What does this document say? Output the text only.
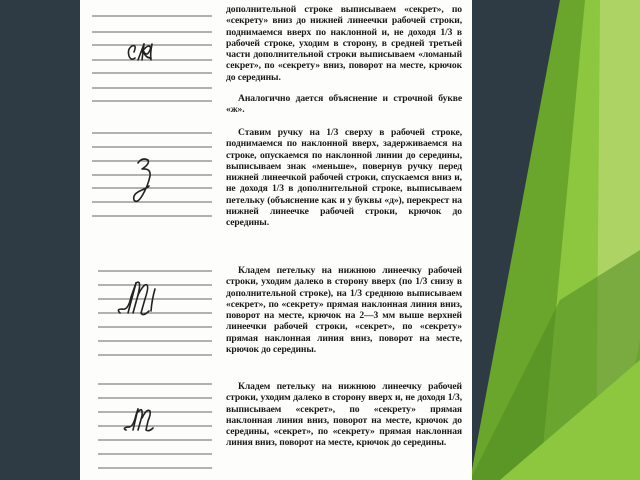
дополнительной строке выписываем «секрет», по «секрету» вниз до нижней линеечки рабочей строки, поднимаемся вверх по наклонной и, не доходя 1/3 в рабочей строке, уходим в сторону, в средней третьей части дополнительной строки выписываем «ломаный секрет», по «секрету» вниз, поворот на месте, крючок до середины.
Аналогично дается объяснение и строчной букве «ж».
Ставим ручку на 1/3 сверху в рабочей строке, поднимаемся по наклонной вверх, задерживаемся на строке, опускаемся по наклонной линии до середины, выписываем знак «меньше», повернув ручку перед нижней линеечкой рабочей строки, спускаемся вниз и, не доходя 1/3 в дополнительной строке, выписываем петельку (объяснение как и у буквы «д»), перекрест на нижней линеечке рабочей строки, крючок до середины.
Кладем петельку на нижнюю линеечку рабочей строки, уходим далеко в сторону вверх (по 1/3 снизу в дополнительной строке), на 1/3 среднюю выписываем «секрет», по «секрету» прямая наклонная линия вниз, поворот на месте, крючок на 2—3 мм выше верхней линеечки рабочей строки, «секрет», по «секрету» прямая наклонная линия вниз, поворот на месте, крючок до середины.
Кладем петельку на нижнюю линеечку рабочей строки, уходим далеко в сторону вверх и, не доходя 1/3, выписываем «секрет», по «секрету» прямая наклонная линия вниз, поворот на месте, крючок до середины, «секрет», по «секрету» прямая наклонная линия вниз, поворот на месте, крючок до середины.
